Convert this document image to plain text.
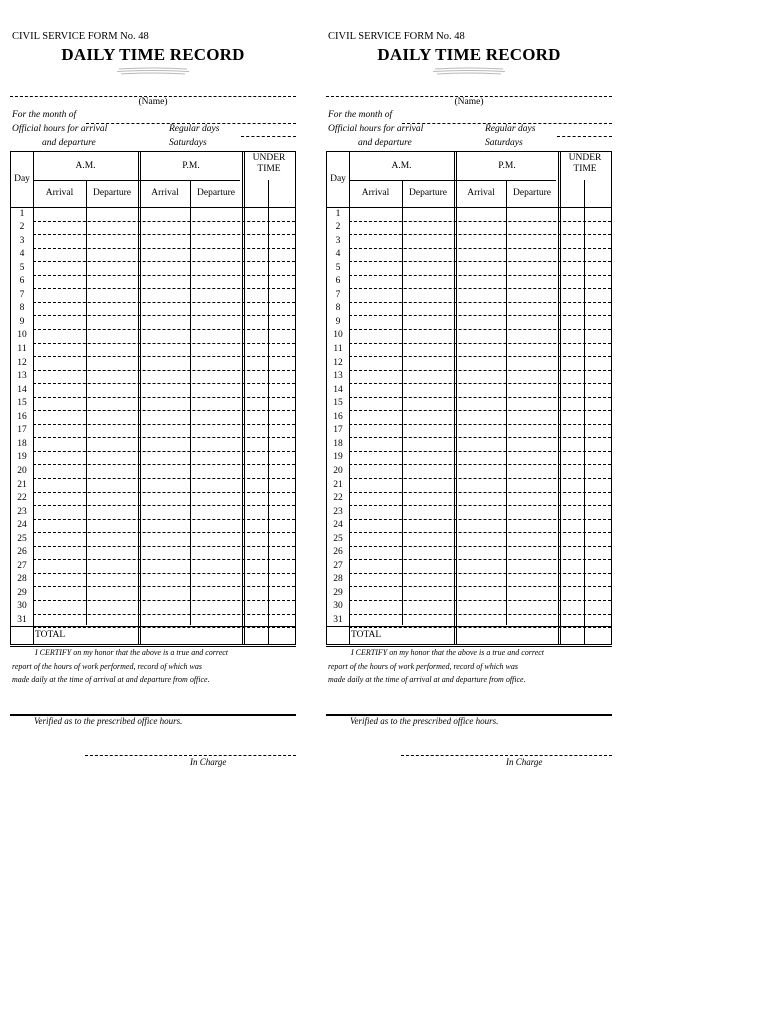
CIVIL SERVICE FORM No. 48
DAILY TIME RECORD
(Name)
For the month of
Official hours for arrival
and departure
Regular days
Saturdays
Day
A.M.	P.M.
UNDER
TIME
Arrival	Departure	Arrival	Departure
1
2
3
4
5
6
7
8
9
10
11
12
13
14
15
16
17
18
19
20
21
22
23
24
25
26
27
28
29
30
31
TOTAL
I CERTIFY on my honor that the above is a true and correct
report of the hours of work performed, record of which was
made daily at the time of arrival at and departure from office.
Verified as to the prescribed office hours.
In Charge
CIVIL SERVICE FORM No. 48
DAILY TIME RECORD
(Name)
For the month of
Official hours for arrival
and departure
Regular days
Saturdays
Day
A.M.	P.M.
UNDER
TIME
Arrival	Departure	Arrival	Departure
1
2
3
4
5
6
7
8
9
10
11
12
13
14
15
16
17
18
19
20
21
22
23
24
25
26
27
28
29
30
31
TOTAL
I CERTIFY on my honor that the above is a true and correct
report of the hours of work performed, record of which was
made daily at the time of arrival at and departure from office.
Verified as to the prescribed office hours.
In Charge
